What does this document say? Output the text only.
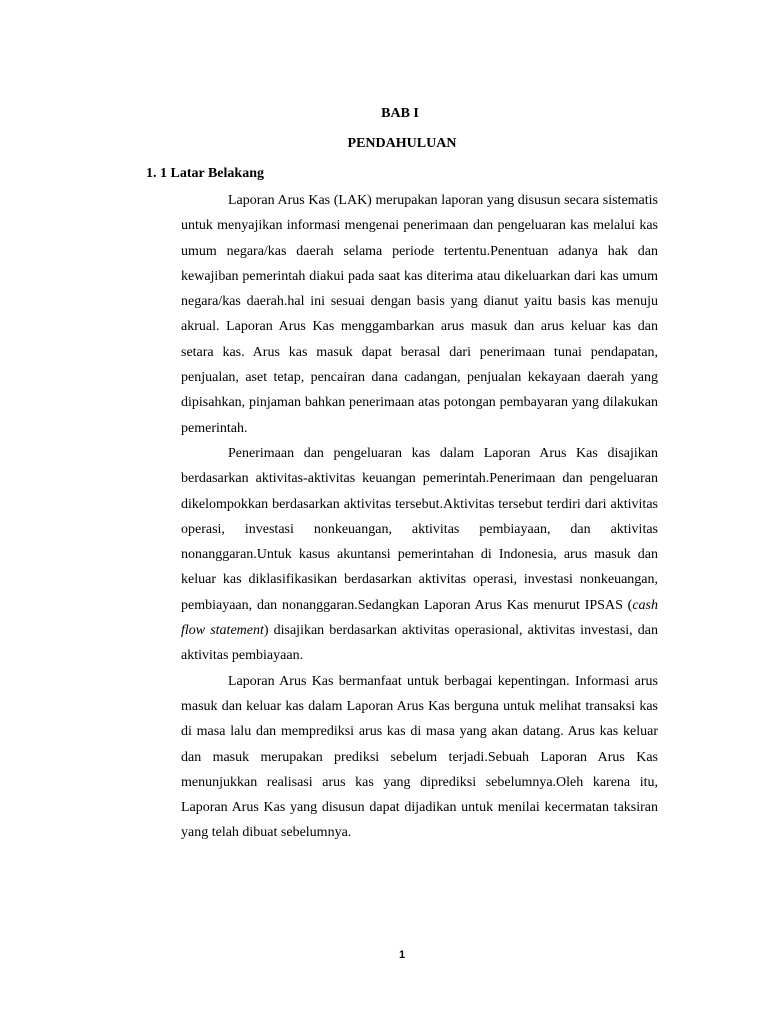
BAB I
PENDAHULUAN
1. 1 Latar Belakang

Laporan Arus Kas (LAK) merupakan laporan yang disusun secara sistematis untuk menyajikan informasi mengenai penerimaan dan pengeluaran kas melalui kas umum negara/kas daerah selama periode tertentu.Penentuan adanya hak dan kewajiban pemerintah diakui pada saat kas diterima atau dikeluarkan dari kas umum negara/kas daerah.hal ini sesuai dengan basis yang dianut yaitu basis kas menuju akrual. Laporan Arus Kas menggambarkan arus masuk dan arus keluar kas dan setara kas. Arus kas masuk dapat berasal dari penerimaan tunai pendapatan, penjualan, aset tetap, pencairan dana cadangan, penjualan kekayaan daerah yang dipisahkan, pinjaman bahkan penerimaan atas potongan pembayaran yang dilakukan pemerintah.

Penerimaan dan pengeluaran kas dalam Laporan Arus Kas disajikan berdasarkan aktivitas-aktivitas keuangan pemerintah.Penerimaan dan pengeluaran dikelompokkan berdasarkan aktivitas tersebut.Aktivitas tersebut terdiri dari aktivitas operasi, investasi nonkeuangan, aktivitas pembiayaan, dan aktivitas nonanggaran.Untuk kasus akuntansi pemerintahan di Indonesia, arus masuk dan keluar kas diklasifikasikan berdasarkan aktivitas operasi, investasi nonkeuangan, pembiayaan, dan nonanggaran.Sedangkan Laporan Arus Kas menurut IPSAS (cash flow statement) disajikan berdasarkan aktivitas operasional, aktivitas investasi, dan aktivitas pembiayaan.

Laporan Arus Kas bermanfaat untuk berbagai kepentingan. Informasi arus masuk dan keluar kas dalam Laporan Arus Kas berguna untuk melihat transaksi kas di masa lalu dan memprediksi arus kas di masa yang akan datang. Arus kas keluar dan masuk merupakan prediksi sebelum terjadi.Sebuah Laporan Arus Kas menunjukkan realisasi arus kas yang diprediksi sebelumnya.Oleh karena itu, Laporan Arus Kas yang disusun dapat dijadikan untuk menilai kecermatan taksiran yang telah dibuat sebelumnya.

1
